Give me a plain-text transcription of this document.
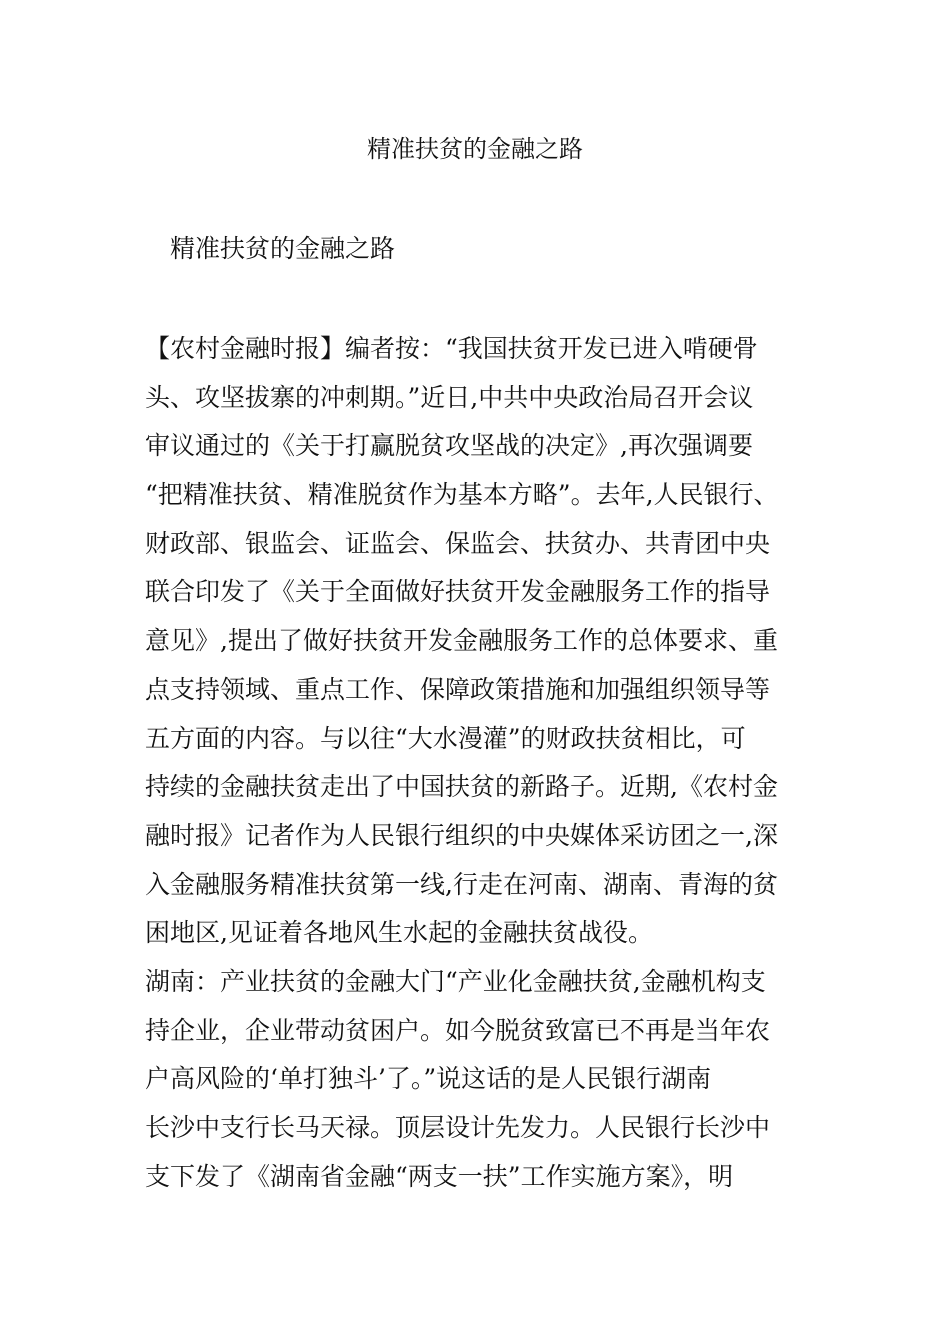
精准扶贫的金融之路
精准扶贫的金融之路
【农村金融时报】编者按：“我国扶贫开发已进入啃硬骨
头、攻坚拔寨的冲刺期。”近日,中共中央政治局召开会议
审议通过的《关于打赢脱贫攻坚战的决定》,再次强调要
“把精准扶贫、精准脱贫作为基本方略”。去年,人民银行、
财政部、银监会、证监会、保监会、扶贫办、共青团中央
联合印发了《关于全面做好扶贫开发金融服务工作的指导
意见》,提出了做好扶贫开发金融服务工作的总体要求、重
点支持领域、重点工作、保障政策措施和加强组织领导等
五方面的内容。与以往“大水漫灌”的财政扶贫相比，可
持续的金融扶贫走出了中国扶贫的新路子。近期,《农村金
融时报》记者作为人民银行组织的中央媒体采访团之一,深
入金融服务精准扶贫第一线,行走在河南、湖南、青海的贫
困地区,见证着各地风生水起的金融扶贫战役。
湖南：产业扶贫的金融大门“产业化金融扶贫,金融机构支
持企业，企业带动贫困户。如今脱贫致富已不再是当年农
户高风险的‘单打独斗’了。”说这话的是人民银行湖南
长沙中支行长马天禄。顶层设计先发力。人民银行长沙中
支下发了《湖南省金融“两支一扶”工作实施方案》，明
